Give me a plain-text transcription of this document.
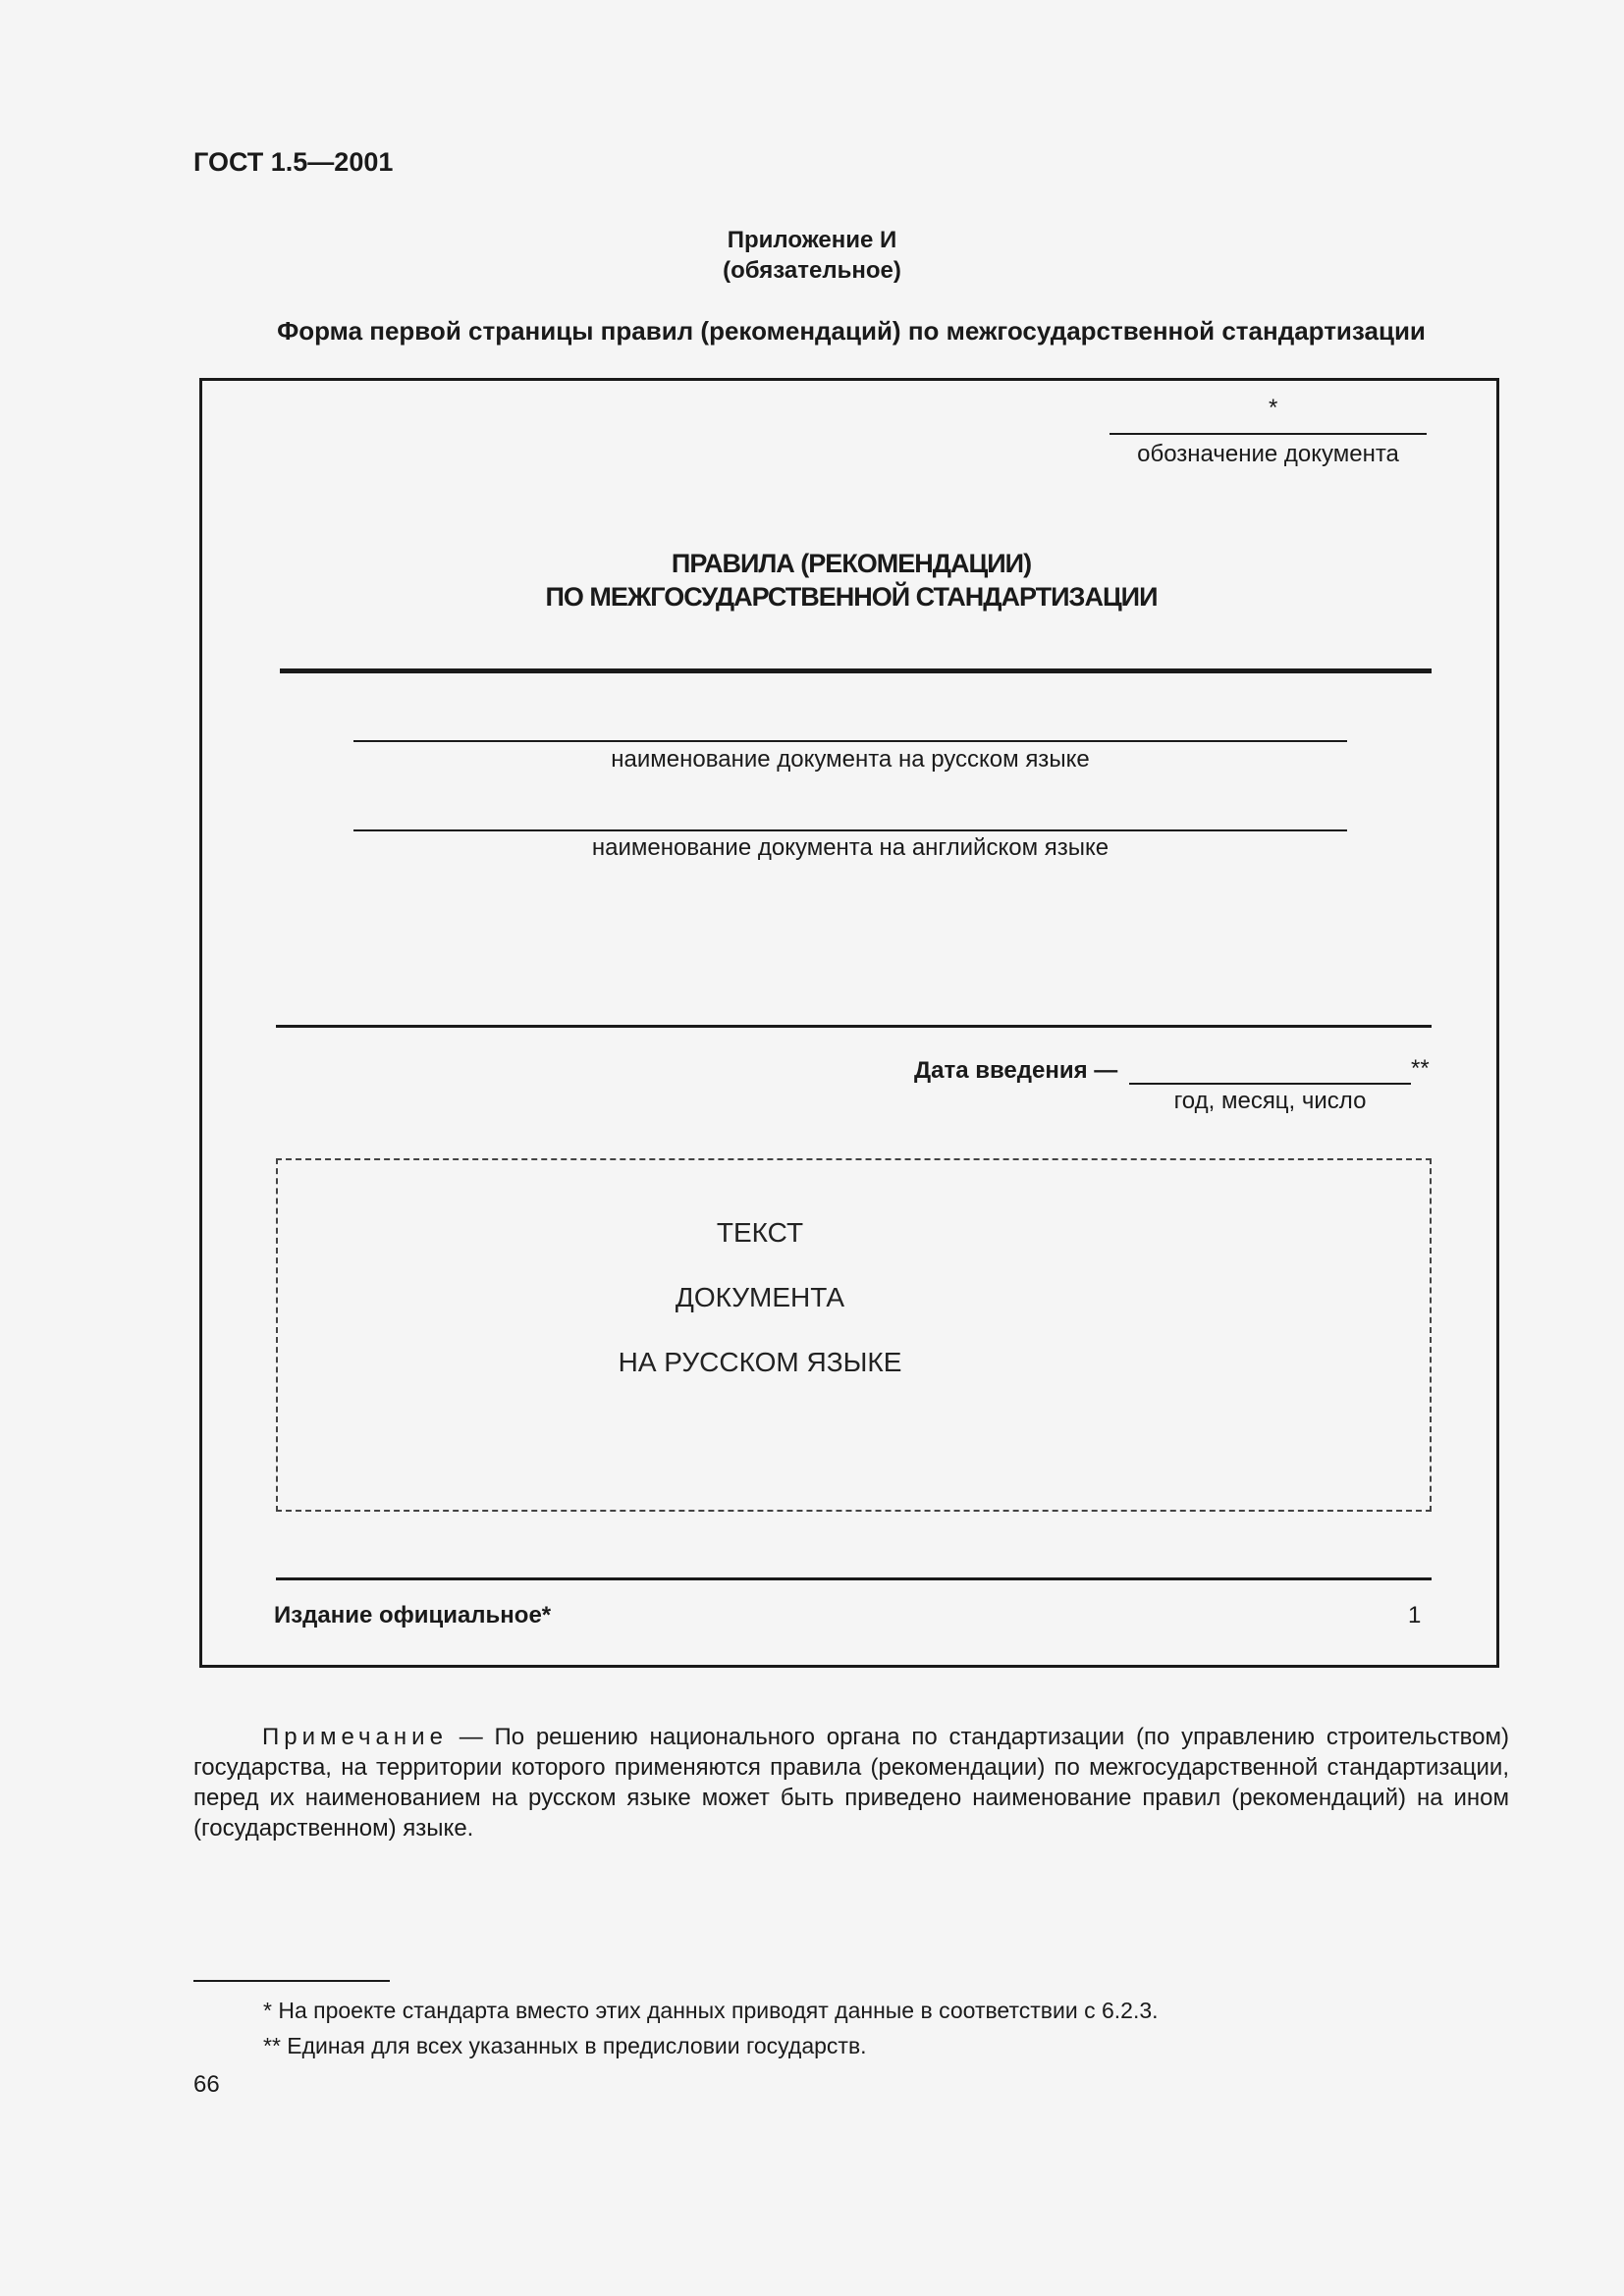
ГОСТ 1.5—2001
Приложение И
(обязательное)
Форма первой страницы правил (рекомендаций) по межгосударственной стандартизации
*
обозначение документа
ПРАВИЛА (РЕКОМЕНДАЦИИ)
ПО МЕЖГОСУДАРСТВЕННОЙ СТАНДАРТИЗАЦИИ
наименование документа на русском языке
наименование документа на английском языке
Дата введения —	**
год, месяц, число
ТЕКСТ
ДОКУМЕНТА
НА РУССКОМ ЯЗЫКЕ
Издание официальное*	1
Примечание — По решению национального органа по стандартизации (по управлению строительством) государства, на территории которого применяются правила (рекомендации) по межгосударственной стандартизации, перед их наименованием на русском языке может быть приведено наименование правил (рекомендаций) на ином (государственном) языке.
* На проекте стандарта вместо этих данных приводят данные в соответствии с 6.2.3.
** Единая для всех указанных в предисловии государств.
66
